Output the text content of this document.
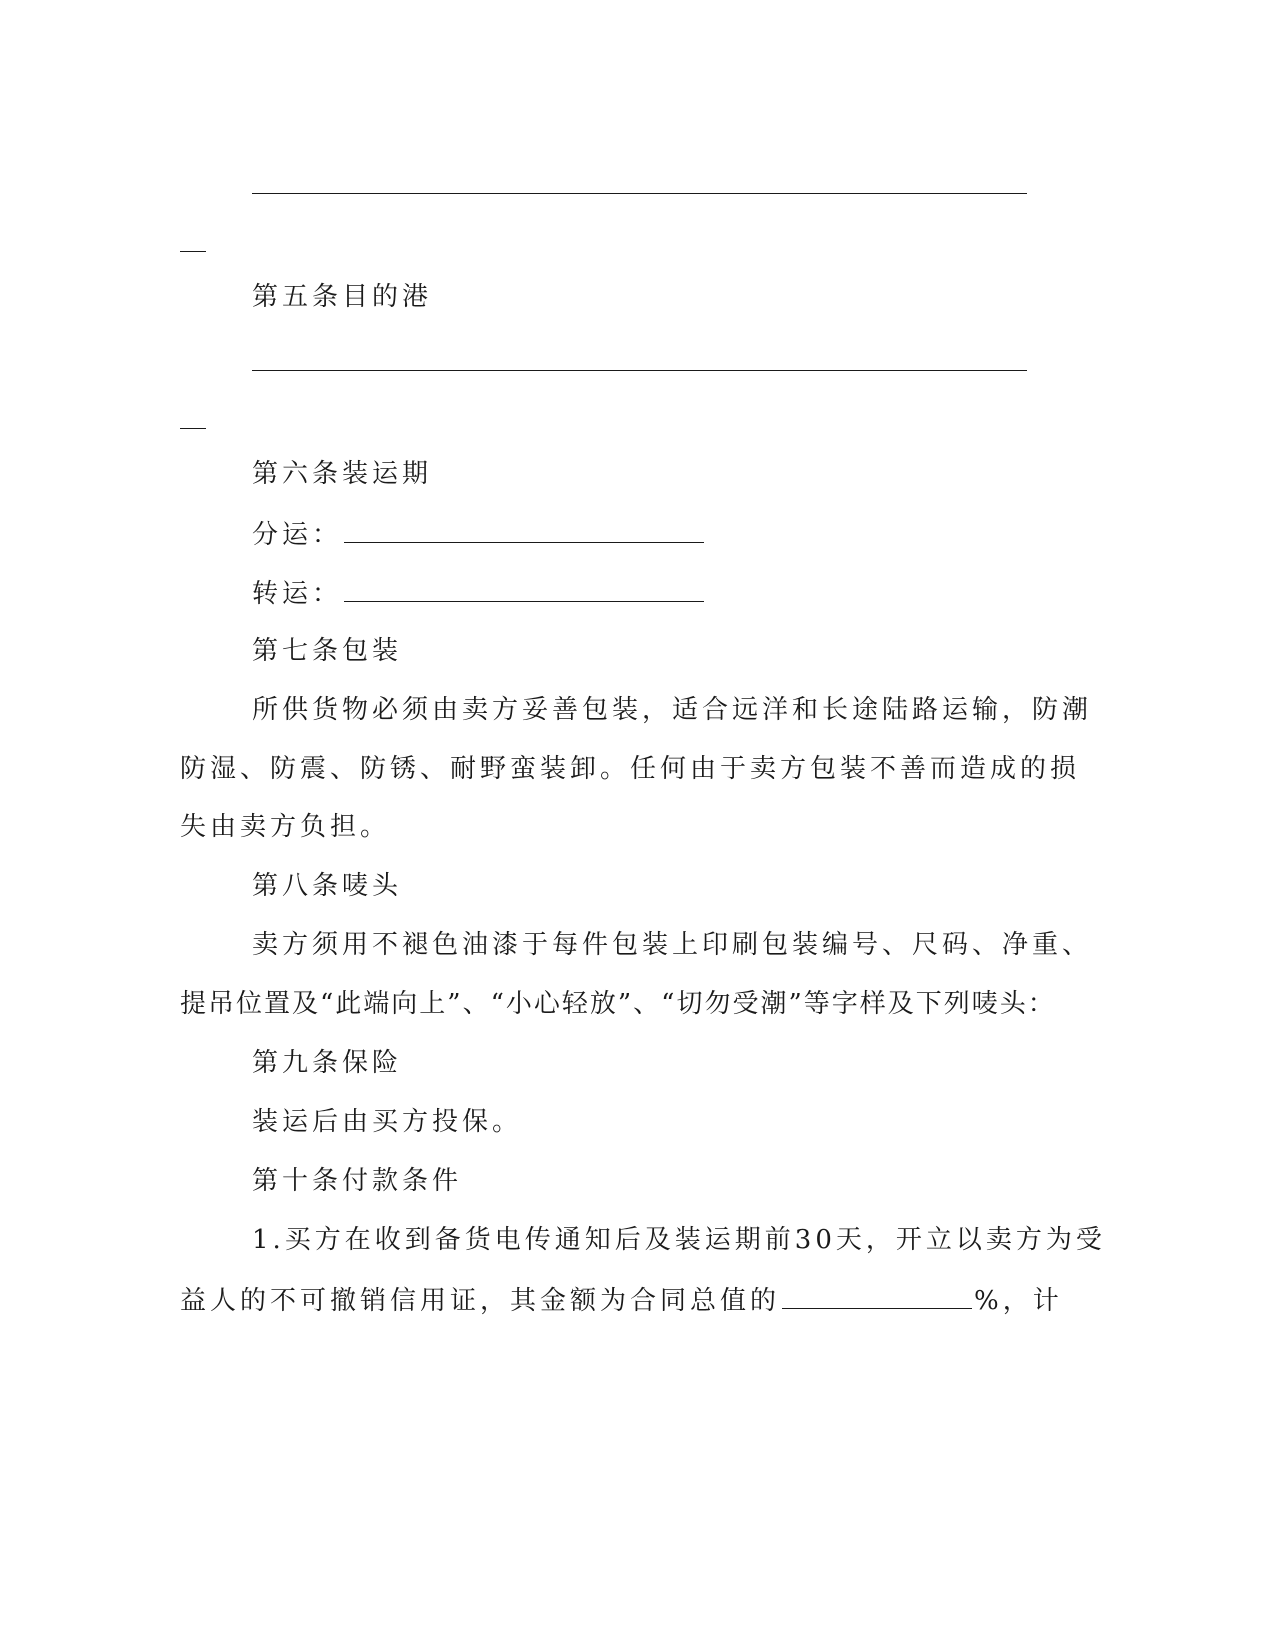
第五条目的港
第六条装运期
分运：
转运：
第七条包装
所供货物必须由卖方妥善包装，适合远洋和长途陆路运输，防潮
防湿、防震、防锈、耐野蛮装卸。任何由于卖方包装不善而造成的损
失由卖方负担。
第八条唛头
卖方须用不褪色油漆于每件包装上印刷包装编号、尺码、净重、
提吊位置及“此端向上”、“小心轻放”、“切勿受潮”等字样及下列唛头：
第九条保险
装运后由买方投保。
第十条付款条件
1.买方在收到备货电传通知后及装运期前30天，开立以卖方为受
益人的不可撤销信用证，其金额为合同总值的	%，计
